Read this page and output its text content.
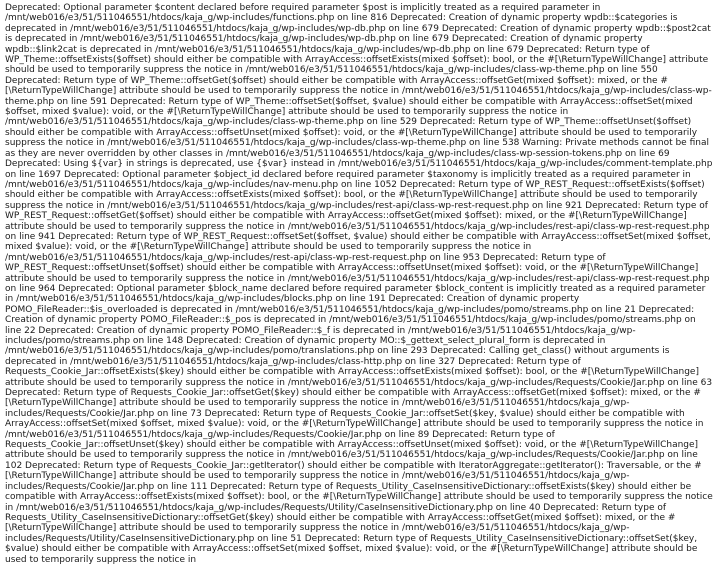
Deprecated: Optional parameter $content declared before required parameter $post is implicitly treated as a required parameter in /mnt/web016/e3/51/511046551/htdocs/kaja_g/wp-includes/functions.php on line 816 Deprecated: Creation of dynamic property wpdb::$categories is deprecated in /mnt/web016/e3/51/511046551/htdocs/kaja_g/wp-includes/wp-db.php on line 679 Deprecated: Creation of dynamic property wpdb::$post2cat is deprecated in /mnt/web016/e3/51/511046551/htdocs/kaja_g/wp-includes/wp-db.php on line 679 Deprecated: Creation of dynamic property wpdb::$link2cat is deprecated in /mnt/web016/e3/51/511046551/htdocs/kaja_g/wp-includes/wp-db.php on line 679 Deprecated: Return type of WP_Theme::offsetExists($offset) should either be compatible with ArrayAccess::offsetExists(mixed $offset): bool, or the #[\ReturnTypeWillChange] attribute should be used to temporarily suppress the notice in /mnt/web016/e3/51/511046551/htdocs/kaja_g/wp-includes/class-wp-theme.php on line 550 Deprecated: Return type of WP_Theme::offsetGet($offset) should either be compatible with ArrayAccess::offsetGet(mixed $offset): mixed, or the #[\ReturnTypeWillChange] attribute should be used to temporarily suppress the notice in /mnt/web016/e3/51/511046551/htdocs/kaja_g/wp-includes/class-wp-theme.php on line 591 Deprecated: Return type of WP_Theme::offsetSet($offset, $value) should either be compatible with ArrayAccess::offsetSet(mixed $offset, mixed $value): void, or the #[\ReturnTypeWillChange] attribute should be used to temporarily suppress the notice in /mnt/web016/e3/51/511046551/htdocs/kaja_g/wp-includes/class-wp-theme.php on line 529 Deprecated: Return type of WP_Theme::offsetUnset($offset) should either be compatible with ArrayAccess::offsetUnset(mixed $offset): void, or the #[\ReturnTypeWillChange] attribute should be used to temporarily suppress the notice in /mnt/web016/e3/51/511046551/htdocs/kaja_g/wp-includes/class-wp-theme.php on line 538 Warning: Private methods cannot be final as they are never overridden by other classes in /mnt/web016/e3/51/511046551/htdocs/kaja_g/wp-includes/class-wp-session-tokens.php on line 69 Deprecated: Using ${var} in strings is deprecated, use {$var} instead in /mnt/web016/e3/51/511046551/htdocs/kaja_g/wp-includes/comment-template.php on line 1697 Deprecated: Optional parameter $object_id declared before required parameter $taxonomy is implicitly treated as a required parameter in /mnt/web016/e3/51/511046551/htdocs/kaja_g/wp-includes/nav-menu.php on line 1052 Deprecated: Return type of WP_REST_Request::offsetExists($offset) should either be compatible with ArrayAccess::offsetExists(mixed $offset): bool, or the #[\ReturnTypeWillChange] attribute should be used to temporarily suppress the notice in /mnt/web016/e3/51/511046551/htdocs/kaja_g/wp-includes/rest-api/class-wp-rest-request.php on line 921 Deprecated: Return type of WP_REST_Request::offsetGet($offset) should either be compatible with ArrayAccess::offsetGet(mixed $offset): mixed, or the #[\ReturnTypeWillChange] attribute should be used to temporarily suppress the notice in /mnt/web016/e3/51/511046551/htdocs/kaja_g/wp-includes/rest-api/class-wp-rest-request.php on line 941 Deprecated: Return type of WP_REST_Request::offsetSet($offset, $value) should either be compatible with ArrayAccess::offsetSet(mixed $offset, mixed $value): void, or the #[\ReturnTypeWillChange] attribute should be used to temporarily suppress the notice in /mnt/web016/e3/51/511046551/htdocs/kaja_g/wp-includes/rest-api/class-wp-rest-request.php on line 953 Deprecated: Return type of WP_REST_Request::offsetUnset($offset) should either be compatible with ArrayAccess::offsetUnset(mixed $offset): void, or the #[\ReturnTypeWillChange] attribute should be used to temporarily suppress the notice in /mnt/web016/e3/51/511046551/htdocs/kaja_g/wp-includes/rest-api/class-wp-rest-request.php on line 964 Deprecated: Optional parameter $block_name declared before required parameter $block_content is implicitly treated as a required parameter in /mnt/web016/e3/51/511046551/htdocs/kaja_g/wp-includes/blocks.php on line 191 Deprecated: Creation of dynamic property POMO_FileReader::$is_overloaded is deprecated in /mnt/web016/e3/51/511046551/htdocs/kaja_g/wp-includes/pomo/streams.php on line 21 Deprecated: Creation of dynamic property POMO_FileReader::$_pos is deprecated in /mnt/web016/e3/51/511046551/htdocs/kaja_g/wp-includes/pomo/streams.php on line 22 Deprecated: Creation of dynamic property POMO_FileReader::$_f is deprecated in /mnt/web016/e3/51/511046551/htdocs/kaja_g/wp-includes/pomo/streams.php on line 148 Deprecated: Creation of dynamic property MO::$_gettext_select_plural_form is deprecated in /mnt/web016/e3/51/511046551/htdocs/kaja_g/wp-includes/pomo/translations.php on line 293 Deprecated: Calling get_class() without arguments is deprecated in /mnt/web016/e3/51/511046551/htdocs/kaja_g/wp-includes/class-http.php on line 327 Deprecated: Return type of Requests_Cookie_Jar::offsetExists($key) should either be compatible with ArrayAccess::offsetExists(mixed $offset): bool, or the #[\ReturnTypeWillChange] attribute should be used to temporarily suppress the notice in /mnt/web016/e3/51/511046551/htdocs/kaja_g/wp-includes/Requests/Cookie/Jar.php on line 63 Deprecated: Return type of Requests_Cookie_Jar::offsetGet($key) should either be compatible with ArrayAccess::offsetGet(mixed $offset): mixed, or the #[\ReturnTypeWillChange] attribute should be used to temporarily suppress the notice in /mnt/web016/e3/51/511046551/htdocs/kaja_g/wp-includes/Requests/Cookie/Jar.php on line 73 Deprecated: Return type of Requests_Cookie_Jar::offsetSet($key, $value) should either be compatible with ArrayAccess::offsetSet(mixed $offset, mixed $value): void, or the #[\ReturnTypeWillChange] attribute should be used to temporarily suppress the notice in /mnt/web016/e3/51/511046551/htdocs/kaja_g/wp-includes/Requests/Cookie/Jar.php on line 89 Deprecated: Return type of Requests_Cookie_Jar::offsetUnset($key) should either be compatible with ArrayAccess::offsetUnset(mixed $offset): void, or the #[\ReturnTypeWillChange] attribute should be used to temporarily suppress the notice in /mnt/web016/e3/51/511046551/htdocs/kaja_g/wp-includes/Requests/Cookie/Jar.php on line 102 Deprecated: Return type of Requests_Cookie_Jar::getIterator() should either be compatible with IteratorAggregate::getIterator(): Traversable, or the #[\ReturnTypeWillChange] attribute should be used to temporarily suppress the notice in /mnt/web016/e3/51/511046551/htdocs/kaja_g/wp-includes/Requests/Cookie/Jar.php on line 111 Deprecated: Return type of Requests_Utility_CaseInsensitiveDictionary::offsetExists($key) should either be compatible with ArrayAccess::offsetExists(mixed $offset): bool, or the #[\ReturnTypeWillChange] attribute should be used to temporarily suppress the notice in /mnt/web016/e3/51/511046551/htdocs/kaja_g/wp-includes/Requests/Utility/CaseInsensitiveDictionary.php on line 40 Deprecated: Return type of Requests_Utility_CaseInsensitiveDictionary::offsetGet($key) should either be compatible with ArrayAccess::offsetGet(mixed $offset): mixed, or the #[\ReturnTypeWillChange] attribute should be used to temporarily suppress the notice in /mnt/web016/e3/51/511046551/htdocs/kaja_g/wp-includes/Requests/Utility/CaseInsensitiveDictionary.php on line 51 Deprecated: Return type of Requests_Utility_CaseInsensitiveDictionary::offsetSet($key, $value) should either be compatible with ArrayAccess::offsetSet(mixed $offset, mixed $value): void, or the #[\ReturnTypeWillChange] attribute should be used to temporarily suppress the notice in
